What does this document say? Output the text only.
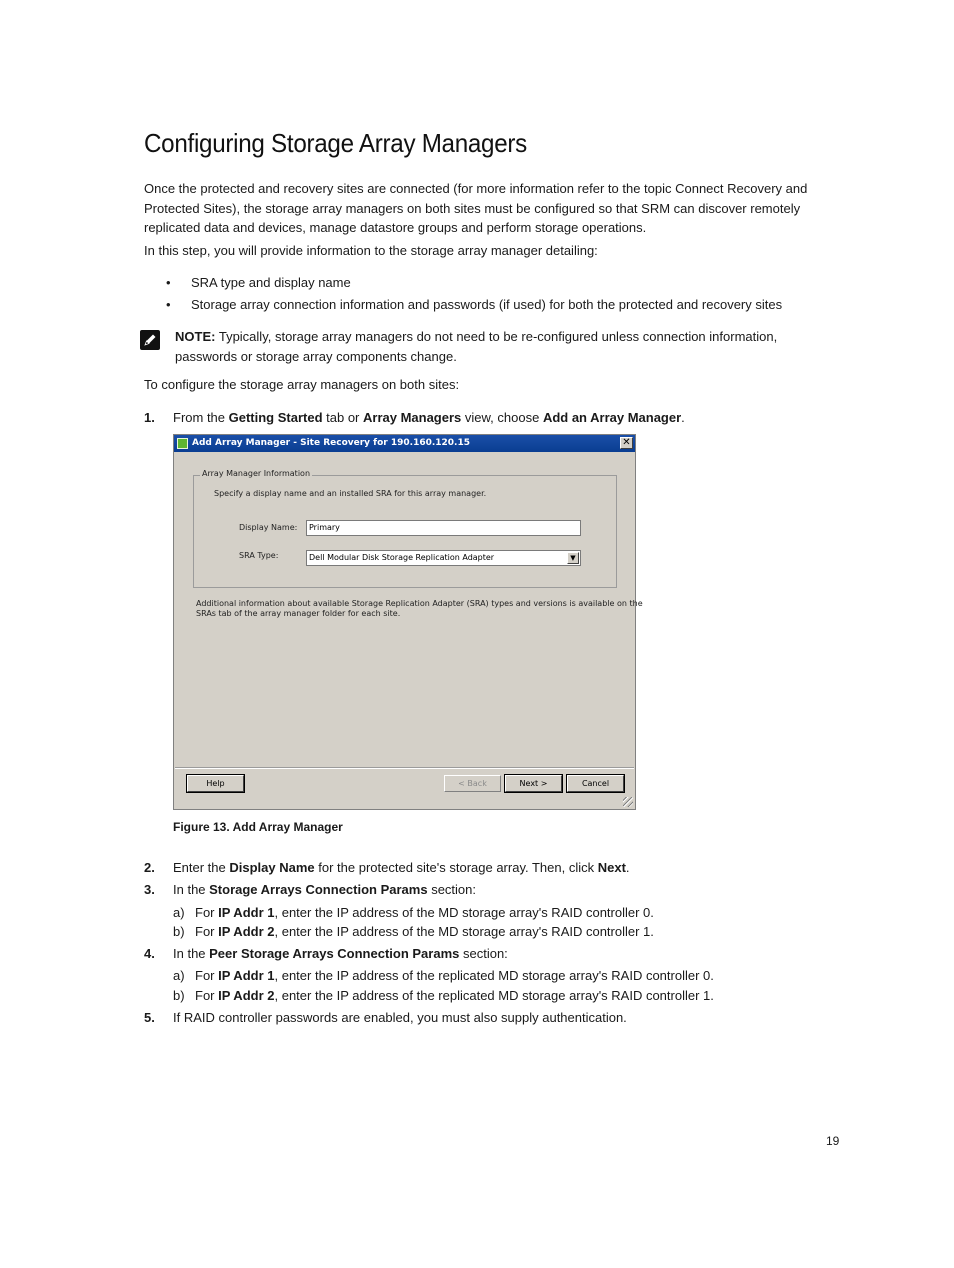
Configuring Storage Array Managers
Once the protected and recovery sites are connected (for more information refer to the topic Connect Recovery and Protected Sites), the storage array managers on both sites must be configured so that SRM can discover remotely replicated data and devices, manage datastore groups and perform storage operations.
In this step, you will provide information to the storage array manager detailing:
• SRA type and display name
• Storage array connection information and passwords (if used) for both the protected and recovery sites
NOTE: Typically, storage array managers do not need to be re-configured unless connection information,
passwords or storage array components change.
To configure the storage array managers on both sites:
1. From the Getting Started tab or Array Managers view, choose Add an Array Manager.
Add Array Manager - Site Recovery for 190.160.120.15	✕
Array Manager Information
Specify a display name and an installed SRA for this array manager.
Display Name:	Primary
SRA Type:	Dell Modular Disk Storage Replication Adapter	▼
Additional information about available Storage Replication Adapter (SRA) types and versions is available on the
SRAs tab of the array manager folder for each site.
Help	< Back	Next >	Cancel
Figure 13. Add Array Manager
2. Enter the Display Name for the protected site's storage array. Then, click Next.
3. In the Storage Arrays Connection Params section:
a) For IP Addr 1, enter the IP address of the MD storage array's RAID controller 0.
b) For IP Addr 2, enter the IP address of the MD storage array's RAID controller 1.
4. In the Peer Storage Arrays Connection Params section:
a) For IP Addr 1, enter the IP address of the replicated MD storage array's RAID controller 0.
b) For IP Addr 2, enter the IP address of the replicated MD storage array's RAID controller 1.
5. If RAID controller passwords are enabled, you must also supply authentication.
19
